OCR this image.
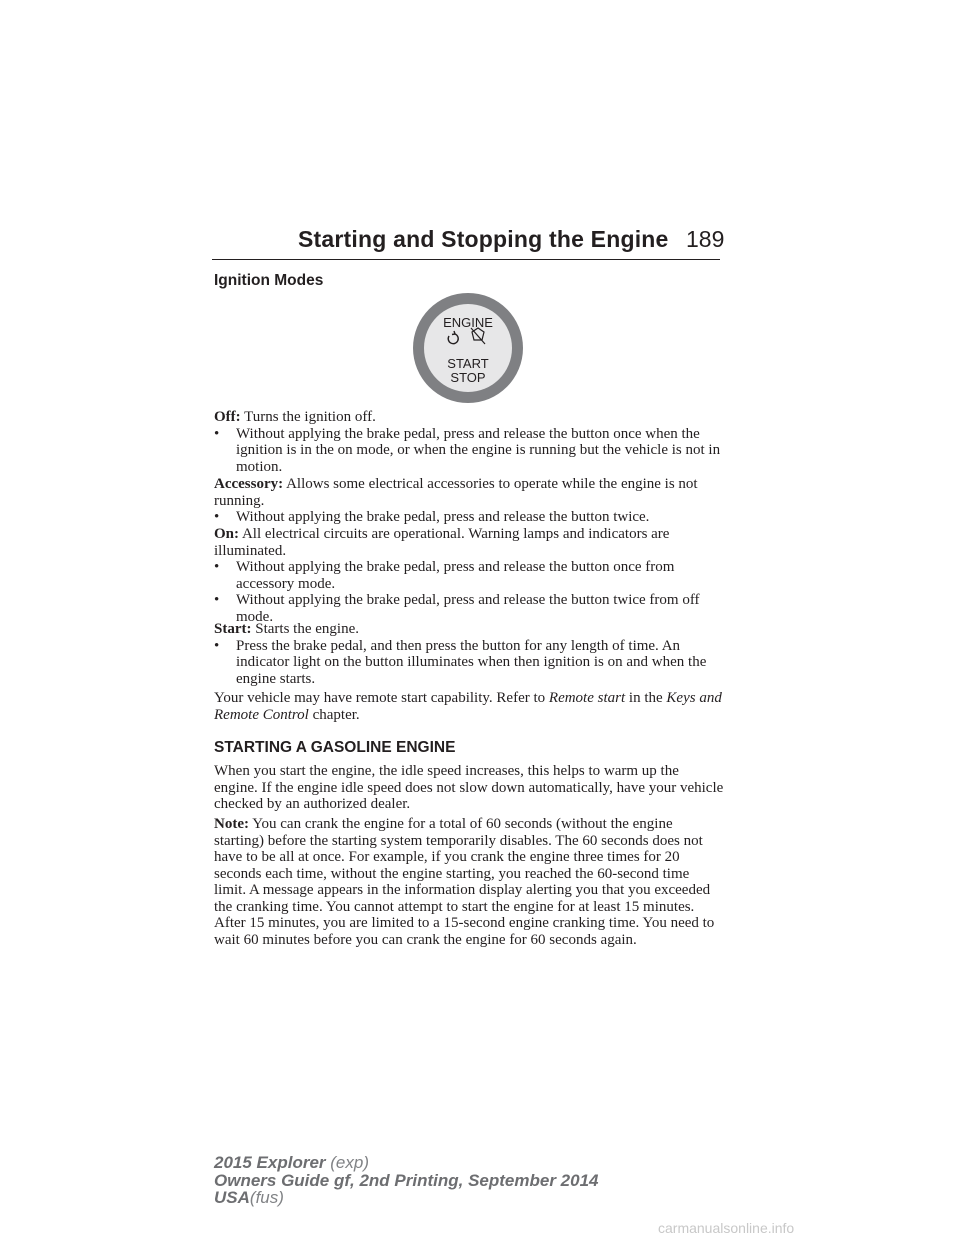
Starting and Stopping the Engine 189
Ignition Modes
ENGINE
START
STOP

Off: Turns the ignition off.

• Without applying the brake pedal, press and release the button once when the ignition is in the on mode, or when the engine is running but the vehicle is not in motion.

Accessory: Allows some electrical accessories to operate while the engine is not running.

• Without applying the brake pedal, press and release the button twice.

On: All electrical circuits are operational. Warning lamps and indicators are illuminated.

• Without applying the brake pedal, press and release the button once from accessory mode.

• Without applying the brake pedal, press and release the button twice from off mode.

Start: Starts the engine.

• Press the brake pedal, and then press the button for any length of time. An indicator light on the button illuminates when then ignition is on and when the engine starts.

Your vehicle may have remote start capability. Refer to Remote start in the Keys and Remote Control chapter.

STARTING A GASOLINE ENGINE

When you start the engine, the idle speed increases, this helps to warm up the engine. If the engine idle speed does not slow down automatically, have your vehicle checked by an authorized dealer.

Note: You can crank the engine for a total of 60 seconds (without the engine starting) before the starting system temporarily disables. The 60 seconds does not have to be all at once. For example, if you crank the engine three times for 20 seconds each time, without the engine starting, you reached the 60-second time limit. A message appears in the information display alerting you that you exceeded the cranking time. You cannot attempt to start the engine for at least 15 minutes. After 15 minutes, you are limited to a 15-second engine cranking time. You need to wait 60 minutes before you can crank the engine for 60 seconds again.

2015 Explorer (exp)
Owners Guide gf, 2nd Printing, September 2014
USA(fus)
carmanualsonline.info
